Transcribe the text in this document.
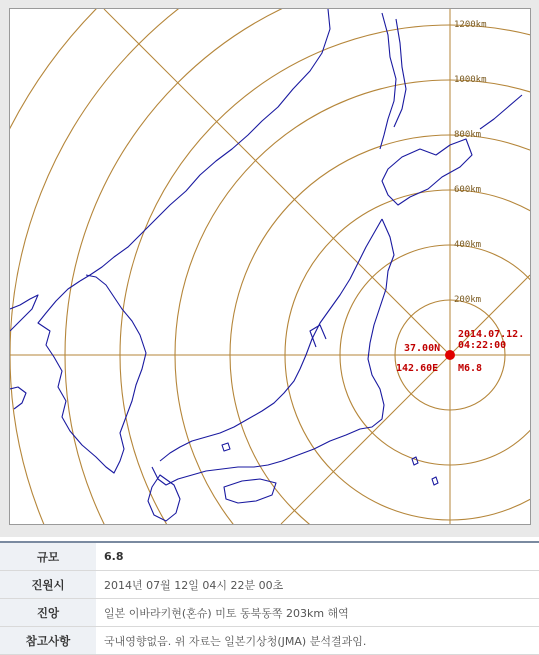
200km
400km
600km
800km
1000km
1200km
37.00N
2014.07.12.
04:22:00
142.60E M6.8
규모	6.8
진원시	2014년 07월 12일 04시 22분 00초
진앙	일본 이바라키현(혼슈) 미토 동북동쪽 203km 해역
참고사항	국내영향없음. 위 자료는 일본기상청(JMA) 분석결과임.
